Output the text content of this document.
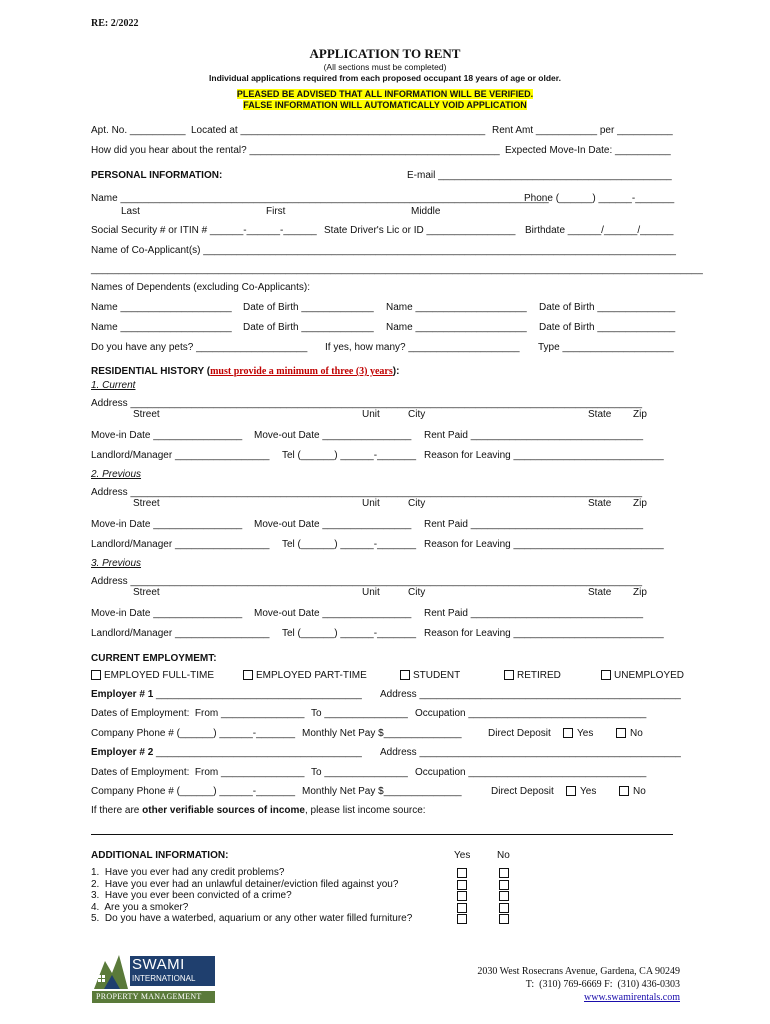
RE: 2/2022
APPLICATION TO RENT
(All sections must be completed)
Individual applications required from each proposed occupant 18 years of age or older.
PLEASED BE ADVISED THAT ALL INFORMATION WILL BE VERIFIED.
FALSE INFORMATION WILL AUTOMATICALLY VOID APPLICATION
Apt. No. __________ Located at ____________________________________________ Rent Amt ___________ per __________
How did you hear about the rental? _____________________________________________ Expected Move-In Date: __________
PERSONAL INFORMATION:	E-mail __________________________________________
Name _____________________________________________________________________________
Phone (______) ______-_______
Last	First	Middle
Social Security # or ITIN # ______-______-______ State Driver's Lic or ID ________________ Birthdate ______/______/______
Name of Co-Applicant(s) _____________________________________________________________________________________
______________________________________________________________________________________________________________
Names of Dependents (excluding Co-Applicants):
Name ____________________ Date of Birth _____________ Name ____________________ Date of Birth ______________
Name ____________________ Date of Birth _____________ Name ____________________ Date of Birth ______________
Do you have any pets? ____________________ If yes, how many? ____________________ Type ____________________
RESIDENTIAL HISTORY (must provide a minimum of three (3) years):
1. Current
Address ____________________________________________________________________________________________
Street	Unit	City	State Zip
Move-in Date ________________ Move-out Date ________________ Rent Paid _______________________________
Landlord/Manager _________________ Tel (______) ______-_______ Reason for Leaving ___________________________
2. Previous
Address ____________________________________________________________________________________________
Street	Unit	City	State Zip
Move-in Date ________________ Move-out Date ________________ Rent Paid _______________________________
Landlord/Manager _________________ Tel (______) ______-_______ Reason for Leaving ___________________________
3. Previous
Address ____________________________________________________________________________________________
Street	Unit	City	State Zip
Move-in Date ________________ Move-out Date ________________ Rent Paid _______________________________
Landlord/Manager _________________ Tel (______) ______-_______ Reason for Leaving ___________________________
CURRENT EMPLOYMEMT:
EMPLOYED FULL-TIME	EMPLOYED PART-TIME	STUDENT	RETIRED	UNEMPLOYED
Employer # 1 _____________________________________ Address _______________________________________________
Dates of Employment:  From _______________ To _______________ Occupation ________________________________
Company Phone # (______) ______-_______ Monthly Net Pay $______________	Direct Deposit	Yes	No
Employer # 2 _____________________________________ Address _______________________________________________
Dates of Employment:  From _______________ To _______________ Occupation ________________________________
Company Phone # (______) ______-_______ Monthly Net Pay $______________	Direct Deposit	Yes	No
If there are other verifiable sources of income, please list income source:
ADDITIONAL INFORMATION:	Yes	No
1.  Have you ever had any credit problems?
2.  Have you ever had an unlawful detainer/eviction filed against you?
3.  Have you ever been convicted of a crime?
4.  Are you a smoker?
5.  Do you have a waterbed, aquarium or any other water filled furniture?
SWAMI
INTERNATIONAL
PROPERTY MANAGEMENT
2030 West Rosecrans Avenue, Gardena, CA 90249
T:  (310) 769-6669 F:  (310) 436-0303
www.swamirentals.com
